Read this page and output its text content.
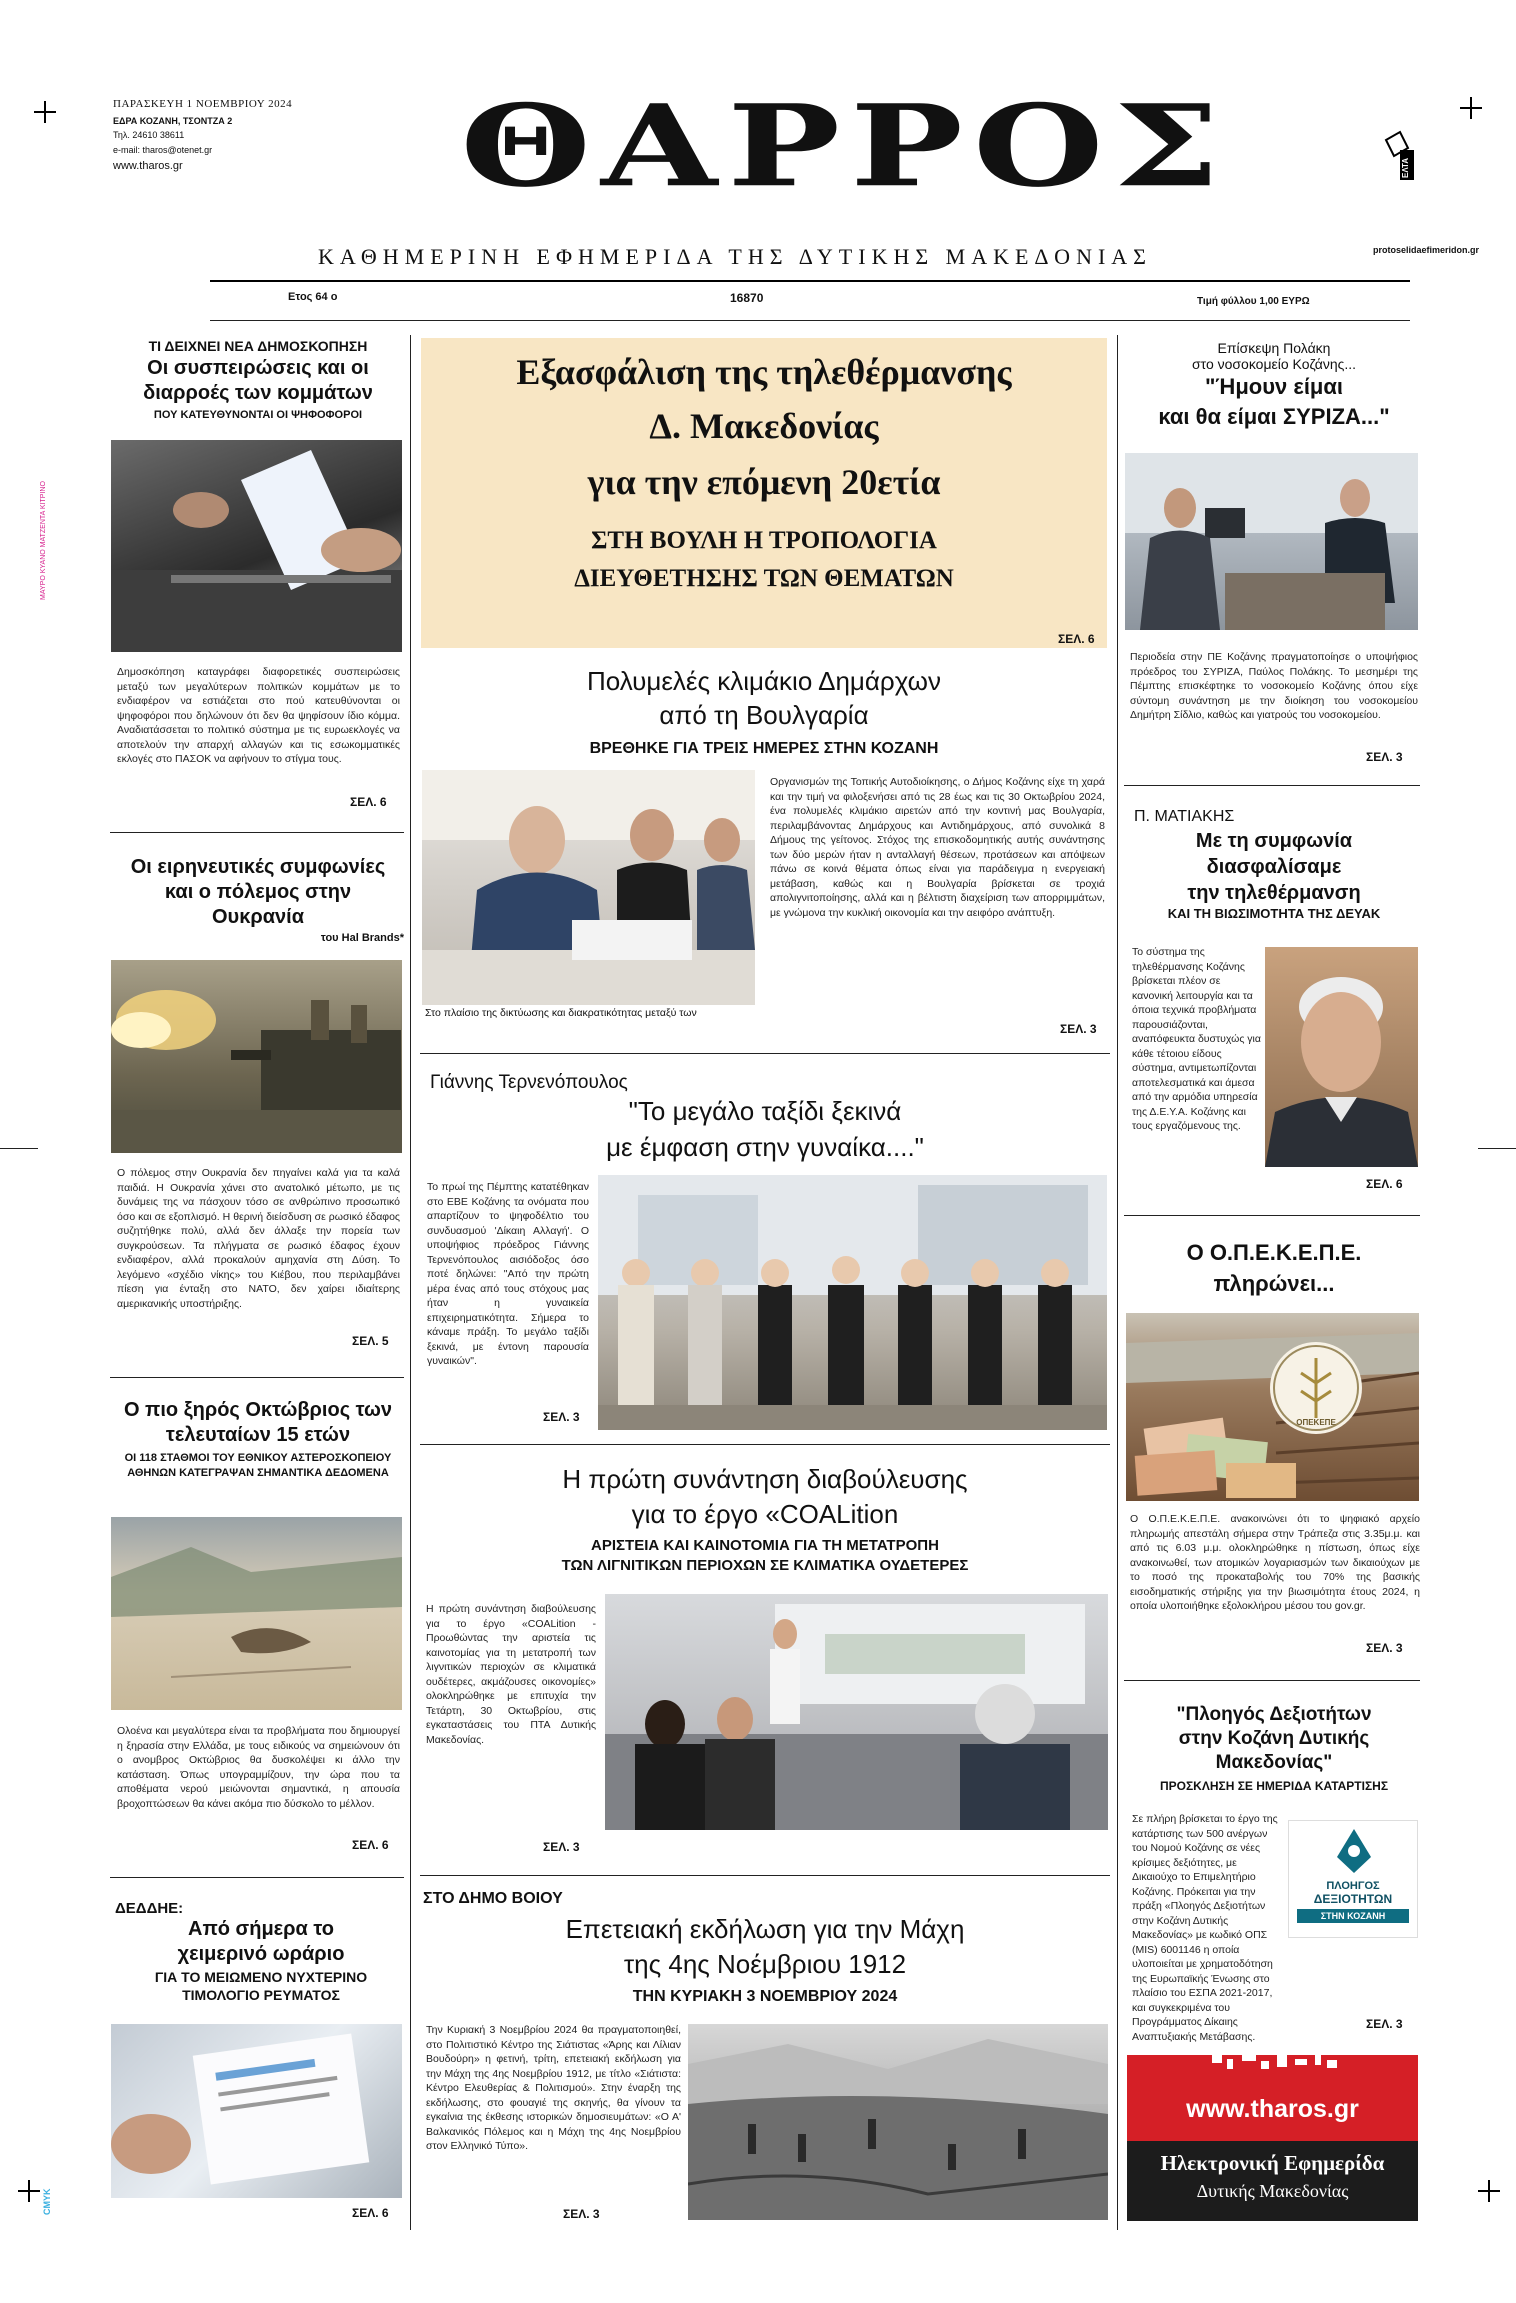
ΜΑΥΡΟ ΚΥΑΝΟ ΜΑΤΖΕΝΤΑ ΚΙΤΡΙΝΟ
CMYK
ΠΑΡΑΣΚΕΥΗ 1 ΝΟΕΜΒΡΙΟΥ 2024
ΕΔΡΑ ΚΟΖΑΝΗ, ΤΣΟΝΤΖΑ 2
Τηλ. 24610 38611
e-mail: tharos@otenet.gr
www.tharos.gr	ΘΑΡΡΟΣ	ΕΛΤΑ
protoselidaefimeridon.gr
ΚΑΘΗΜΕΡΙΝΗ ΕΦΗΜΕΡΙΔΑ ΤΗΣ ΔΥΤΙΚΗΣ ΜΑΚΕΔΟΝΙΑΣ
Ετος 64 ο	16870	Τιμή φύλλου 1,00 ΕΥΡΩ
ΤΙ ΔΕΙΧΝΕΙ ΝΕΑ ΔΗΜΟΣΚΟΠΗΣΗ
Οι συσπειρώσεις και οι διαρροές των κομμάτων
ΠΟΥ ΚΑΤΕΥΘΥΝΟΝΤΑΙ ΟΙ ΨΗΦΟΦΟΡΟΙ
Δημοσκόπηση καταγράφει διαφορετικές συσπειρώσεις μεταξύ των μεγαλύτερων πολιτικών κομμάτων με το ενδιαφέρον να εστιάζεται στο πού κατευθύνονται οι ψηφοφόροι που δηλώνουν ότι δεν θα ψηφίσουν ίδιο κόμμα. Αναδιατάσσεται το πολιτικό σύστημα με τις ευρωεκλογές να αποτελούν την απαρχή αλλαγών και τις εσωκομματικές εκλογές στο ΠΑΣΟΚ να αφήνουν το στίγμα τους.
ΣΕΛ. 6
Οι ειρηνευτικές συμφωνίες και ο πόλεμος στην Ουκρανία
του Hal Brands*
Ο πόλεμος στην Ουκρανία δεν πηγαίνει καλά για τα καλά παιδιά. Η Ουκρανία χάνει στο ανατολικό μέτωπο, με τις δυνάμεις της να πάσχουν τόσο σε ανθρώπινο προσωπικό όσο και σε εξοπλισμό. Η θερινή διείσδυση σε ρωσικό έδαφος συζητήθηκε πολύ, αλλά δεν άλλαξε την πορεία των συγκρούσεων. Τα πλήγματα σε ρωσικό έδαφος έχουν ενδιαφέρον, αλλά προκαλούν αμηχανία στη Δύση. Το λεγόμενο «σχέδιο νίκης» του Κιέβου, που περιλαμβάνει πίεση για ένταξη στο ΝΑΤΟ, δεν χαίρει ιδιαίτερης αμερικανικής υποστήριξης.
ΣΕΛ. 5
Ο πιο ξηρός Οκτώβριος των τελευταίων 15 ετών
ΟΙ 118 ΣΤΑΘΜΟΙ ΤΟΥ ΕΘΝΙΚΟΥ ΑΣΤΕΡΟΣΚΟΠΕΙΟΥ ΑΘΗΝΩΝ ΚΑΤΕΓΡΑΨΑΝ ΣΗΜΑΝΤΙΚΑ ΔΕΔΟΜΕΝΑ
Ολοένα και μεγαλύτερα είναι τα προβλήματα που δημιουργεί η ξηρασία στην Ελλάδα, με τους ειδικούς να σημειώνουν ότι ο ανομβρος Οκτώβριος θα δυσκολέψει κι άλλο την κατάσταση. Όπως υπογραμμίζουν, την ώρα που τα αποθέματα νερού μειώνονται σημαντικά, η απουσία βροχοπτώσεων θα κάνει ακόμα πιο δύσκολο το μέλλον.
ΣΕΛ. 6
ΔΕΔΔΗΕ:
Από σήμερα το χειμερινό ωράριο
ΓΙΑ ΤΟ ΜΕΙΩΜΕΝΟ ΝΥΧΤΕΡΙΝΟ ΤΙΜΟΛΟΓΙΟ ΡΕΥΜΑΤΟΣ
ΣΕΛ. 6
Εξασφάλιση της τηλεθέρμανσης
Δ. Μακεδονίας
για την επόμενη 20ετία
ΣΤΗ ΒΟΥΛΗ Η ΤΡΟΠΟΛΟΓΙΑ
ΔΙΕΥΘΕΤΗΣΗΣ ΤΩΝ ΘΕΜΑΤΩΝ
ΣΕΛ. 6
Πολυμελές κλιμάκιο Δημάρχων
από τη Βουλγαρία
ΒΡΕΘΗΚΕ ΓΙΑ ΤΡΕΙΣ ΗΜΕΡΕΣ ΣΤΗΝ ΚΟΖΑΝΗ
Στο πλαίσιο της δικτύωσης και διακρατικότητας μεταξύ των
Οργανισμών της Τοπικής Αυτοδιοίκησης, ο Δήμος Κοζάνης είχε τη χαρά και την τιμή να φιλοξενήσει από τις 28 έως και τις 30 Οκτωβρίου 2024, ένα πολυμελές κλιμάκιο αιρετών από την κοντινή μας Βουλγαρία, περιλαμβάνοντας Δημάρχους και Αντιδημάρχους, από συνολικά 8 Δήμους της γείτονος. Στόχος της επισκοδομητικής αυτής συνάντησης των δύο μερών ήταν η ανταλλαγή θέσεων, προτάσεων και απόψεων πάνω σε κοινά θέματα όπως είναι για παράδειγμα η ενεργειακή μετάβαση, καθώς και η Βουλγαρία βρίσκεται σε τροχιά απολιγνιτοποίησης, αλλά και η βέλτιστη διαχείριση των απορριμμάτων, με γνώμονα την κυκλική οικονομία και την αειφόρο ανάπτυξη.
ΣΕΛ. 3
Γιάννης Τερνενόπουλος
"Το μεγάλο ταξίδι ξεκινά
με έμφαση στην γυναίκα...."
Το πρωί της Πέμπτης κατατέθηκαν στο ΕΒΕ Κοζάνης τα ονόματα που απαρτίζουν το ψηφοδέλτιο του συνδυασμού 'Δίκαιη Αλλαγή'. Ο υποψήφιος πρόεδρος Γιάννης Τερνενόπουλος αισιόδοξος όσο ποτέ δηλώνει: "Από την πρώτη μέρα ένας από τους στόχους μας ήταν η γυναικεία επιχειρηματικότητα. Σήμερα το κάναμε πράξη. Το μεγάλο ταξίδι ξεκινά, με έντονη παρουσία γυναικών".
ΣΕΛ. 3
Η πρώτη συνάντηση διαβούλευσης
για το έργο «COALition
ΑΡΙΣΤΕΙΑ ΚΑΙ ΚΑΙΝΟΤΟΜΙΑ ΓΙΑ ΤΗ ΜΕΤΑΤΡΟΠΗ
ΤΩΝ ΛΙΓΝΙΤΙΚΩΝ ΠΕΡΙΟΧΩΝ ΣΕ ΚΛΙΜΑΤΙΚΑ ΟΥΔΕΤΕΡΕΣ
Η πρώτη συνάντηση διαβούλευσης για το έργο «COALition - Προωθώντας την αριστεία τις καινοτομίας για τη μετατροπή των λιγνιτικών περιοχών σε κλιματικά ουδέτερες, ακμάζουσες οικονομίες» ολοκληρώθηκε με επιτυχία την Τετάρτη, 30 Οκτωβρίου, στις εγκαταστάσεις του ΠΤΑ Δυτικής Μακεδονίας.
ΣΕΛ. 3
ΣΤΟ ΔΗΜΟ ΒΟΙΟΥ
Επετειακή εκδήλωση για την Μάχη
της 4ης Νοέμβριου 1912
ΤΗΝ ΚΥΡΙΑΚΗ 3 ΝΟΕΜΒΡΙΟΥ 2024
Την Κυριακή 3 Νοεμβρίου 2024 θα πραγματοποιηθεί, στο Πολιτιστικό Κέντρο της Σιάτιστας «Άρης και Λίλιαν Βουδούρη» η φετινή, τρίτη, επετειακή εκδήλωση για την Μάχη της 4ης Νοεμβρίου 1912, με τίτλο «Σιάτιστα: Κέντρο Ελευθερίας & Πολιτισμού». Στην έναρξη της εκδήλωσης, στο φουαγιέ της σκηνής, θα γίνουν τα εγκαίνια της έκθεσης ιστορικών δημοσιευμάτων: «Ο Α' Βαλκανικός Πόλεμος και η Μάχη της 4ης Νοεμβρίου στον Ελληνικό Τύπο».
ΣΕΛ. 3
Επίσκεψη Πολάκη
στο νοσοκομείο Κοζάνης...
"Ήμουν είμαι
και θα είμαι ΣΥΡΙΖΑ..."
Περιοδεία στην ΠΕ Κοζάνης πραγματοποίησε ο υποψήφιος πρόεδρος του ΣΥΡΙΖΑ, Παύλος Πολάκης. Το μεσημέρι της Πέμπτης επισκέφτηκε το νοσοκομείο Κοζάνης όπου είχε σύντομη συνάντηση με την διοίκηση του νοσοκομείου Δημήτρη Σίδλιο, καθώς και γιατρούς του νοσοκομείου.
ΣΕΛ. 3
Π. ΜΑΤΙΑΚΗΣ
Με τη συμφωνία
διασφαλίσαμε
την τηλεθέρμανση
ΚΑΙ ΤΗ ΒΙΩΣΙΜΟΤΗΤΑ ΤΗΣ ΔΕΥΑΚ
Το σύστημα της τηλεθέρμανσης Κοζάνης βρίσκεται πλέον σε κανονική λειτουργία και τα όποια τεχνικά προβλήματα παρουσιάζονται, αναπόφευκτα δυστυχώς για κάθε τέτοιου είδους σύστημα, αντιμετωπίζονται αποτελεσματικά και άμεσα από την αρμόδια υπηρεσία της Δ.Ε.Υ.Α. Κοζάνης και τους εργαζόμενους της.
ΣΕΛ. 6
Ο Ο.Π.Ε.Κ.Ε.Π.Ε.
πληρώνει...
ΟΠΕΚΕΠΕ
Ο Ο.Π.Ε.Κ.Ε.Π.Ε. ανακοινώνει ότι το ψηφιακό αρχείο πληρωμής απεστάλη σήμερα στην Τράπεζα στις 3.35μ.μ. και από τις 6.03 μ.μ. ολοκληρώθηκε η πίστωση, όπως είχε ανακοινωθεί, των ατομικών λογαριασμών των δικαιούχων με το ποσό της προκαταβολής του 70% της βασικής εισοδηματικής στήριξης για την βιωσιμότητα έτους 2024, η οποία υλοποιήθηκε εξολοκλήρου μέσου του gov.gr.
ΣΕΛ. 3
"Πλοηγός Δεξιοτήτων
στην Κοζάνη Δυτικής
Μακεδονίας"
ΠΡΟΣΚΛΗΣΗ ΣΕ ΗΜΕΡΙΔΑ ΚΑΤΑΡΤΙΣΗΣ
Σε πλήρη βρίσκεται το έργο της κατάρτισης των 500 ανέργων του Νομού Κοζάνης σε νέες κρίσιμες δεξιότητες, με Δικαιούχο το Επιμελητήριο Κοζάνης. Πρόκειται για την πράξη «Πλοηγός Δεξιοτήτων στην Κοζάνη Δυτικής Μακεδονίας» με κωδικό ΟΠΣ (MIS) 6001146 η οποία υλοποιείται με χρηματοδότηση της Ευρωπαϊκής Ένωσης στο πλαίσιο του ΕΣΠΑ 2021-2017, και συγκεκριμένα του Προγράμματος Δίκαιης Αναπτυξιακής Μετάβασης.
ΠΛΟΗΓΟΣ
ΔΕΞΙΟΤΗΤΩΝ
ΣΤΗΝ ΚΟΖΑΝΗ
ΣΕΛ. 3
www.tharos.gr
Ηλεκτρονική Εφημερίδα
Δυτικής Μακεδονίας
